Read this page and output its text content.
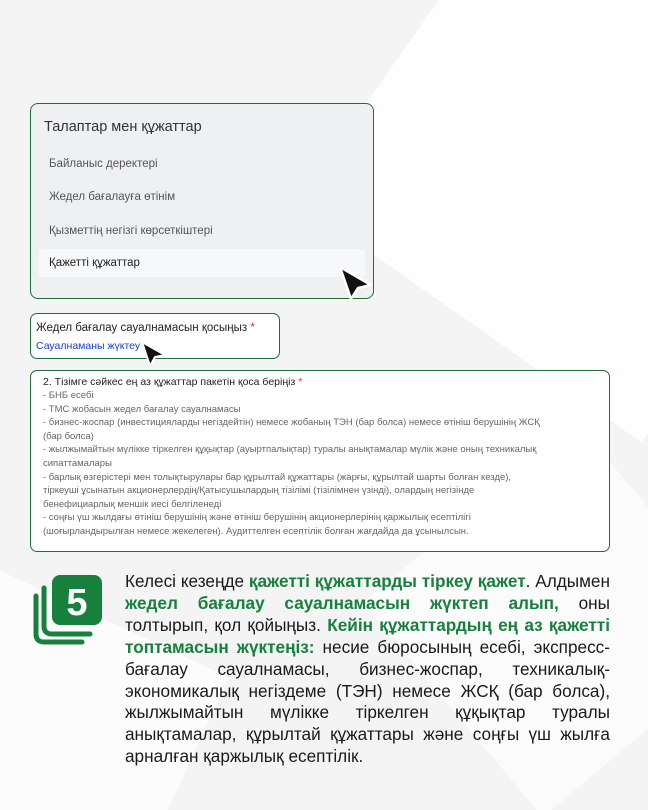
Талаптар мен құжаттар
Байланыс деректері
Жедел бағалауға өтінім
Қызметтің негізгі көрсеткіштері
Қажетті құжаттар
Жедел бағалау сауалнамасын қосыңыз *
Сауалнаманы жүктеу
2. Тізімге сәйкес ең аз құжаттар пакетін қоса беріңіз *
- БНБ есебі
- ТМС жобасын жедел бағалау сауалнамасы
- бизнес-жоспар (инвестицияларды негіздейтін) немесе жобаның ТЭН (бар болса) немесе өтініш берушінің ЖСҚ
(бар болса)
- жылжымайтын мүлікке тіркелген құқықтар (ауыртпалықтар) туралы анықтамалар мүлік және оның техникалық
сипаттамалары
- барлық өзгерістері мен толықтырулары бар құрылтай құжаттары (жарғы, құрылтай шарты болған кезде),
тіркеуші ұсынатын акционерлердің/Қатысушылардың тізілімі (тізілімнен үзінді), олардың негізінде
бенефициарлық меншік иесі белгіленеді
- соңғы үш жылдағы өтініш берушінің және өтініш берушінің акционерлерінің қаржылық есептілігі
(шоғырландырылған немесе жекелеген). Аудиттелген есептілік болған жағдайда да ұсынылсын.
5
Келесі кезеңде қажетті құжаттарды тіркеу қажет. Алдымен жедел бағалау сауалнамасын жүктеп алып, оны толтырып, қол қойыңыз. Кейін құжаттардың ең аз қажетті топтамасын жүктеңіз: несие бюросының есебі, экспресс-бағалау сауалнамасы, бизнес-жоспар, техникалық-экономикалық негіздеме (ТЭН) немесе ЖСҚ (бар болса), жылжымайтын мүлікке тіркелген құқықтар туралы анықтамалар, құрылтай құжаттары және соңғы үш жылға арналған қаржылық есептілік.
